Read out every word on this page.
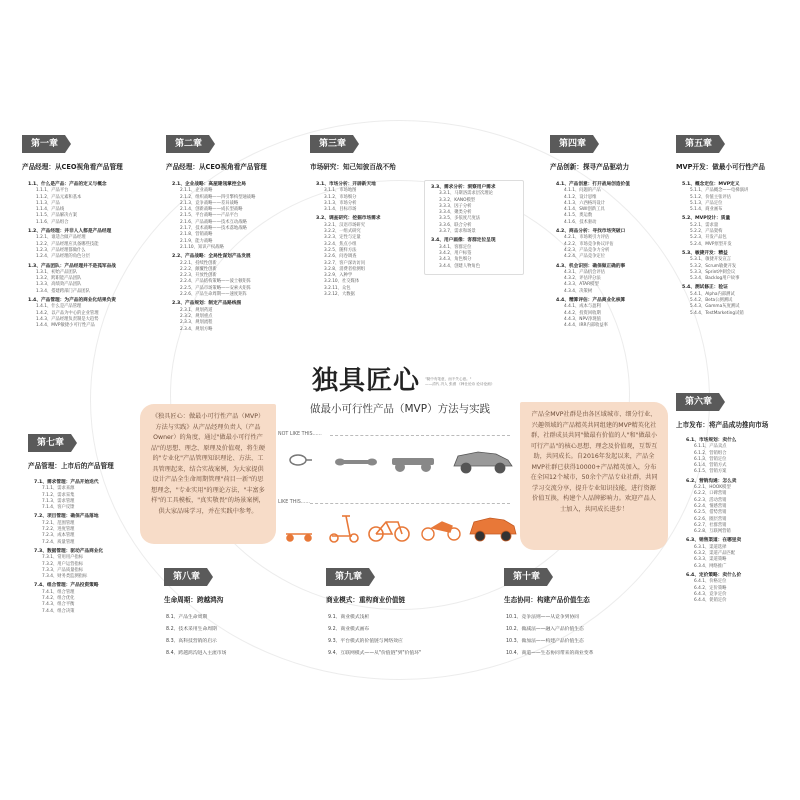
第一章
产品经理：从CEO视角看产品管理
1.1、什么是产品：产品的定义与概念
1.1.1、产品平台
1.1.2、产品元素和基本
1.1.3、产品
1.1.4、产品线
1.1.5、产品解决方案
1.1.6、产品组合
1.2、产品经理：并非人人都是产品经理
1.2.1、谁适合做产品经理
1.2.2、产品经理应具备哪些技能
1.2.3、产品经理都做什么
1.2.4、产品经理的角色分层
1.3、产品团队：产品经理并不是孤军奋战
1.3.1、初始产品团队
1.3.2、跨职能产品团队
1.3.3、高绩效产品团队
1.3.4、搭建跨部门产品团队
1.4、产品管理：为产品的商业化结果负责
1.4.1、什么是产品管理
1.4.2、以产品为中心的企业管理
1.4.3、产品经理负责制是大趋势
1.4.4、MVP敏捷小可行性产品
第二章
产品经理：从CEO视角看产品管理
2.1、企业战略：高屋建瓴掌控全局
2.1.1、企业战略
2.1.2、组织战略——四引擎构型通战略
2.1.3、竞争战略——差异战略
2.1.4、创新战略——成长型战略
2.1.5、平台战略——产品平台
2.1.6、产品战略——技术互动战略
2.1.7、技术战略——技术落地战略
2.1.8、营销战略
2.1.9、能力战略
2.1.10、知识产权战略
2.2、产品战略：全局性谋划产品发展
2.2.1、持续性创新
2.2.2、颠覆性创新
2.2.3、开放性创新
2.2.4、产品结构策略——波士顿矩阵
2.2.5、产品市场策略——安索夫矩阵
2.2.6、产品生命周期——速度矩阵
2.3、产品规划：制定产品路线图
2.3.1、规划药道
2.3.2、规划重点
2.3.3、规划流程
2.3.4、规划方略
第三章
市场研究：知己知彼百战不殆
3.1、市场分析：开辟新天地
3.1.1、市场地图
3.1.2、市场细分
3.1.3、市场分析
3.1.4、目标市场
3.2、调查研究：挖掘市场需求
3.2.1、汉语市场研究
3.2.2、一组式研究
3.2.3、定性与定量
3.2.4、焦点小组
3.2.5、随样方法
3.2.6、问卷调查
3.2.7、客户深访访问
3.2.8、消费者检测组
3.2.9、入种学
3.2.10、社交媒体
3.2.11、众包
3.2.12、大数据
3.3、需求分析：洞察用户需求
3.3.1、马斯洛需求层次理论
3.3.2、KANO模型
3.3.3、因子分析
3.3.4、聚类分析
3.3.5、多依度尺度法
3.3.6、联合分析
3.3.7、需求和场景
3.4、用户画像：客群定位呈现
3.4.1、客群定位
3.4.2、用户标签
3.4.3、角色细分
3.4.4、创建人物角色
第四章
产品创新：探寻产品驱动力
4.1、产品创意：打开战局创造价值
4.1.1、问题的产品
4.1.2、设计思维
4.1.3、六西格玛设计
4.1.4、SWI创新工具
4.1.5、奥运数
4.1.6、技术驱动
4.2、商品分析：寻找市场突破口
4.2.1、市场吸引力评估
4.2.2、市场竞争协议评估
4.2.3、产品竞争力分析
4.2.4、产品竞争定位
4.3、机会识别：确保做正确的事
4.3.1、产品机会评估
4.3.2、评估评分法
4.3.3、ATAR模型
4.3.4、决策树
4.4、精算评估：产品商业化核算
4.4.1、成本与盈利
4.4.2、投资回收期
4.4.3、NPV净现值
4.4.4、IRR内部收益率
第五章
MVP开发：做最小可行性产品
5.1、概念定位：MVP定义
5.1.1、产品概念——电梯演讲
5.1.2、价值主张评估
5.1.3、产品定位
5.1.4、商业画布
5.2、MVP设计：质量
5.2.1、需求量
5.2.2、产品架构
5.2.3、开发产品包
5.2.4、MVP原型开发
5.3、敏捷开发：精益
5.3.1、敏捷开发宣言
5.3.2、Scrum敏捷开发
5.3.3、Sprint冲刺会议
5.3.4、Backlog用户故事
5.4、测试修正：验证
5.4.1、Alpha内部测试
5.4.2、Beta公测测试
5.4.3、Gamma灰度测试
5.4.4、TestMarketing试销
第六章
上市发布：将产品成功推向市场
6.1、市场规划：卖什么
6.1.1、产品卖点
6.1.2、营销组合
6.1.3、营销定位
6.1.4、营销方式
6.1.5、营销方案
6.2、营销沟通：怎么卖
6.2.1、HOOK模型
6.2.2、口碑营销
6.2.3、活动营销
6.2.4、情感营销
6.2.5、借势营销
6.2.6、圈层营销
6.2.7、社群营销
6.2.8、互联网营销
6.3、销售渠道：在哪里卖
6.3.1、渠道选择
6.3.2、渠道产品匹配
6.3.3、渠道策略
6.3.4、网络推广
6.4、定价策略：卖什么价
6.4.1、价格定位
6.4.2、定价策略
6.4.3、竞争定价
6.4.4、促销定价
第七章
产品管理：上市后的产品管理
7.1、需求管理：产品开始迭代
7.1.1、需求来源
7.1.2、需求采集
7.1.3、需求管理
7.1.4、客户反馈
7.2、项目管理：确保产品落地
7.2.1、范围管理
7.2.2、进度管理
7.2.3、成本管理
7.2.4、质量管理
7.3、数据管理：驱动产品商业化
7.3.1、常用用户指标
7.3.2、用户运营指标
7.3.3、产品质量指标
7.3.4、财务类监测指标
7.4、组合管理：产品投资策略
7.4.1、组合管理
7.4.2、组合优化
7.4.3、组合平衡
7.4.4、组合决策
独具匠心 "糙中有笔意，而不失心意。"
——清代 冯人 张潜 《韩仕论诗 论诗论画》
做最小可行性产品（MVP）方法与实践
《独具匠心：做最小可行性产品（MVP）方法与实践》从产品经理负责人（产品Owner）的角度，通过"做最小可行性产品"的思想、理念、原理及价值观，将生硬的"专业化"产品管理知识理论、方法、工具管理起来，结合实战案例，为大家提供设计产品全生命周期管理"荷目一新"的思想理念，"专业实用"的理论方法，"丰富多样"的工具模板，"真实敬畏"的场景案例，供大家品味学习，并在实践中参考。
产品全MVP社群是由各区域城市、细分行业、兴趣领域的产品精英共同组建的MVP精英化社群，社群成员共同"做最有价值的人"和"做最小可行产品"的核心思想、理念及价值观，互帮互助，共同成长。自2016年发起以来，产品全MVP社群已获得10000+产品精英加入，分布在全国12个城市，50余个产品专业社群，共同学习交流分享，提升专业知识技能，进行资源价值互换，构建个人品牌影响力。欢迎产品人士加入，共同成长进步！
NOT LIKE THIS......
LIKE THIS......
第八章
生命周期：跨越鸿沟
8.1、产品生命周期
8.2、技术采用生命周期
8.3、高科技营销的启示
8.4、跨越鸿沟进入主流市场
第九章
商业模式：重构商业价值链
9.1、商业模式浅析
9.2、商业模式画布
9.3、平台模式的价值链与网络效应
9.4、互联网模式——从"价值链"到"价值环"
第十章
生态协同：构建产品价值生态
10.1、竞争法则——从竞争到协同
10.2、做减法——融入产品价值生态
10.3、做加法——构建产品价值生态
10.4、商道——生态协同带来的商业变革
